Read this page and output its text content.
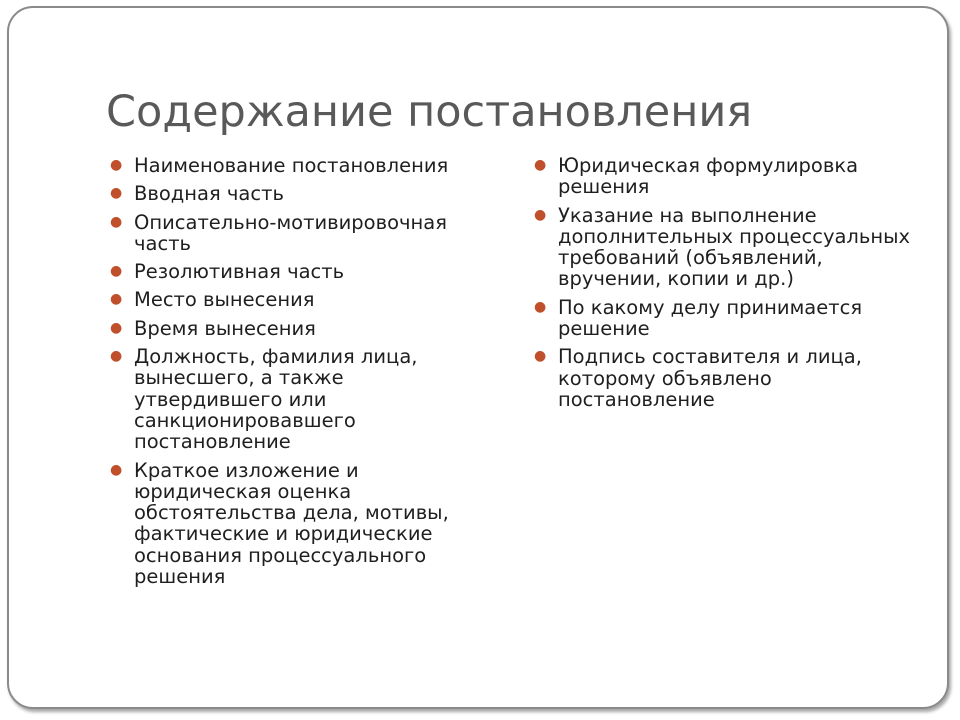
Содержание постановления
● Наименование постановления
● Вводная часть
● Описательно-мотивировочная часть
● Резолютивная часть
● Место вынесения
● Время вынесения
● Должность, фамилия лица, вынесшего, а также утвердившего или санкционировавшего постановление
● Краткое изложение и юридическая оценка обстоятельства дела, мотивы, фактические и юридические основания процессуального решения
● Юридическая формулировка решения
● Указание на выполнение дополнительных процессуальных требований (объявлений, вручении, копии и др.)
● По какому делу принимается решение
● Подпись составителя и лица, которому объявлено постановление
